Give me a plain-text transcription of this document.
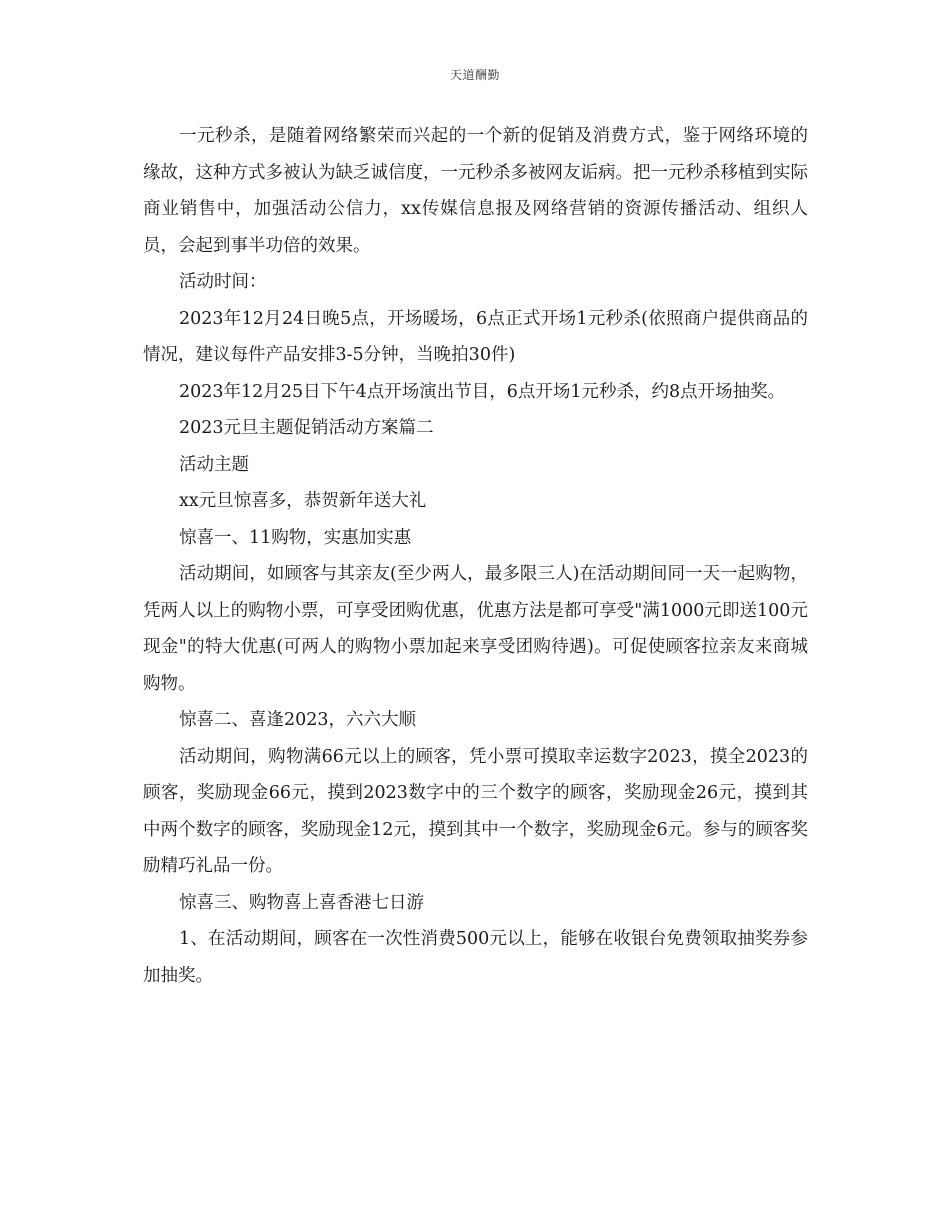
天道酬勤

一元秒杀，是随着网络繁荣而兴起的一个新的促销及消费方式，鉴于网络环境的缘故，这种方式多被认为缺乏诚信度，一元秒杀多被网友诟病。把一元秒杀移植到实际商业销售中，加强活动公信力，xx传媒信息报及网络营销的资源传播活动、组织人员，会起到事半功倍的效果。

活动时间：

2023年12月24日晚5点，开场暖场，6点正式开场1元秒杀(依照商户提供商品的情况，建议每件产品安排3-5分钟，当晚拍30件)

2023年12月25日下午4点开场演出节目，6点开场1元秒杀，约8点开场抽奖。

2023元旦主题促销活动方案篇二

活动主题

xx元旦惊喜多，恭贺新年送大礼

惊喜一、11购物，实惠加实惠

活动期间，如顾客与其亲友(至少两人，最多限三人)在活动期间同一天一起购物，凭两人以上的购物小票，可享受团购优惠，优惠方法是都可享受"满1000元即送100元现金"的特大优惠(可两人的购物小票加起来享受团购待遇)。可促使顾客拉亲友来商城购物。

惊喜二、喜逢2023，六六大顺

活动期间，购物满66元以上的顾客，凭小票可摸取幸运数字2023，摸全2023的顾客，奖励现金66元，摸到2023数字中的三个数字的顾客，奖励现金26元，摸到其中两个数字的顾客，奖励现金12元，摸到其中一个数字，奖励现金6元。参与的顾客奖励精巧礼品一份。

惊喜三、购物喜上喜香港七日游

1、在活动期间，顾客在一次性消费500元以上，能够在收银台免费领取抽奖券参加抽奖。
